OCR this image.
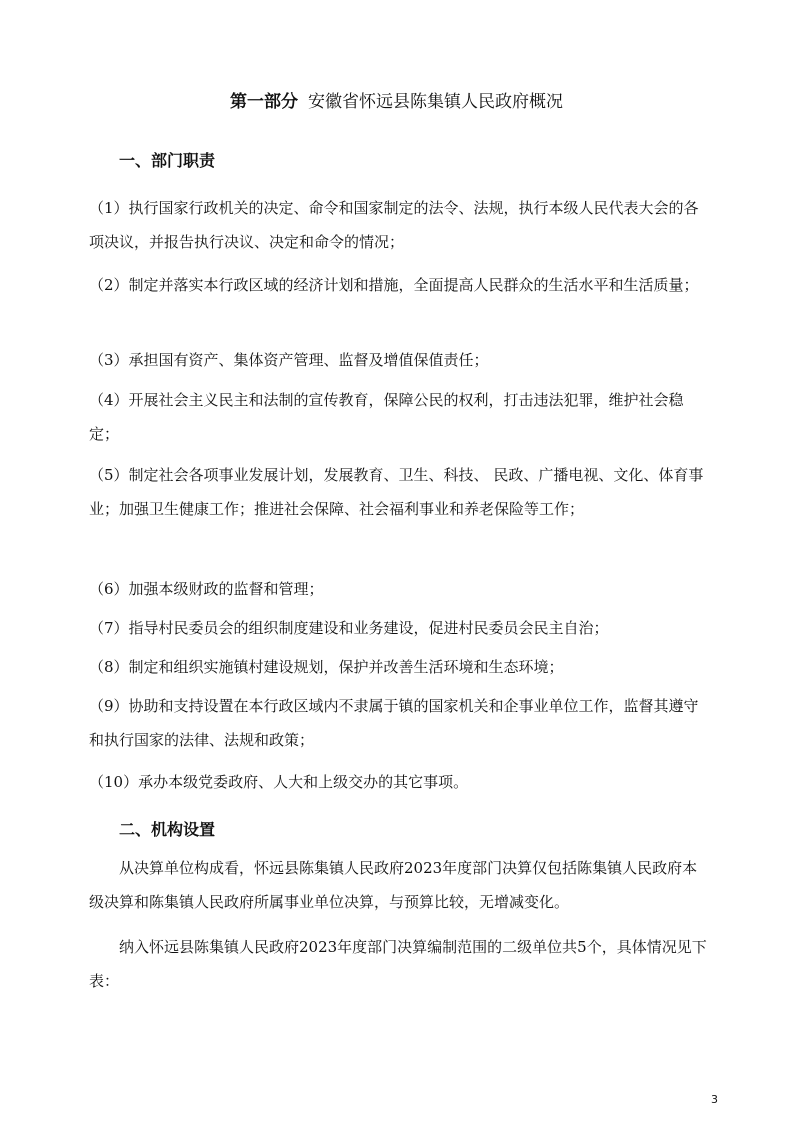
第一部分 安徽省怀远县陈集镇人民政府概况
一、部门职责
（1）执行国家行政机关的决定、命令和国家制定的法令、法规，执行本级人民代表大会的各项决议，并报告执行决议、决定和命令的情况；
（2）制定并落实本行政区域的经济计划和措施，全面提高人民群众的生活水平和生活质量；
（3）承担国有资产、集体资产管理、监督及增值保值责任；
（4）开展社会主义民主和法制的宣传教育，保障公民的权利，打击违法犯罪，维护社会稳定；
（5）制定社会各项事业发展计划，发展教育、卫生、科技、 民政、广播电视、文化、体育事业；加强卫生健康工作；推进社会保障、社会福利事业和养老保险等工作；
（6）加强本级财政的监督和管理；
（7）指导村民委员会的组织制度建设和业务建设，促进村民委员会民主自治；
（8）制定和组织实施镇村建设规划，保护并改善生活环境和生态环境；
（9）协助和支持设置在本行政区域内不隶属于镇的国家机关和企事业单位工作，监督其遵守和执行国家的法律、法规和政策；
（10）承办本级党委政府、人大和上级交办的其它事项。
二、机构设置
从决算单位构成看，怀远县陈集镇人民政府2023年度部门决算仅包括陈集镇人民政府本级决算和陈集镇人民政府所属事业单位决算，与预算比较，无增减变化。
纳入怀远县陈集镇人民政府2023年度部门决算编制范围的二级单位共5个，具体情况见下表：
3
